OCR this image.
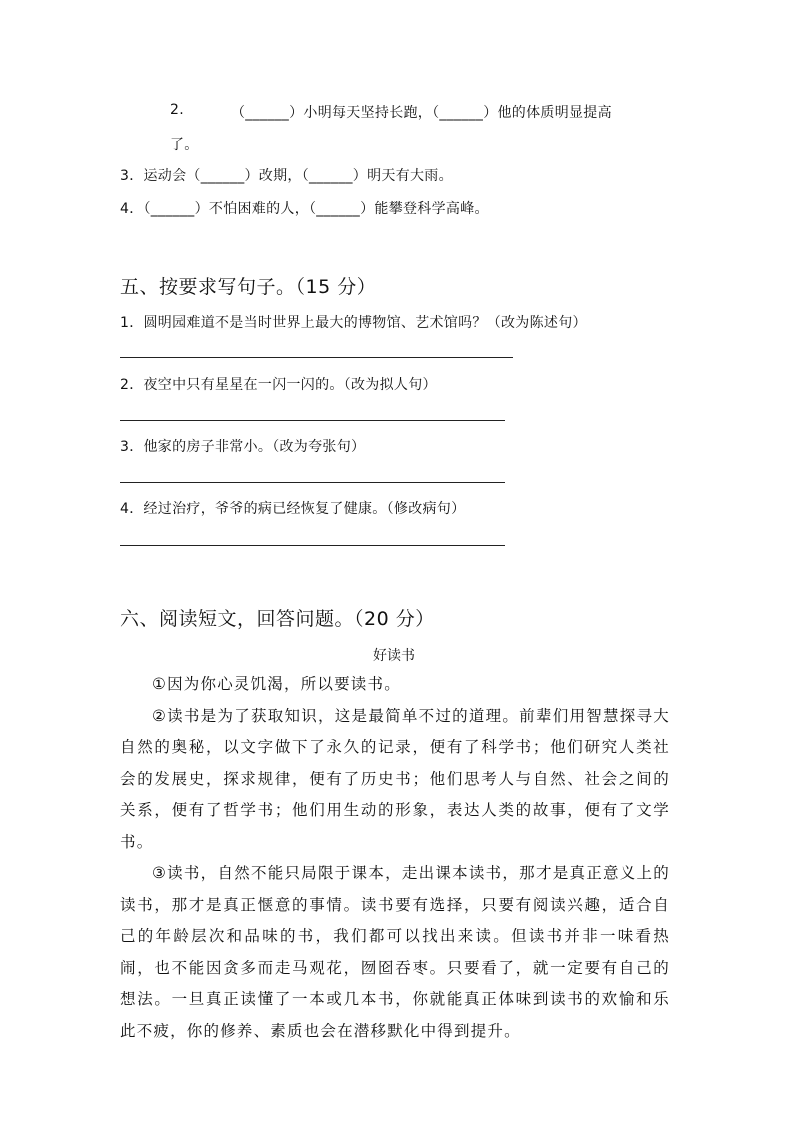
2.	（______）小明每天坚持长跑，（______）他的体质明显提高
了。
3．运动会（______）改期，（______）明天有大雨。
4．（______）不怕困难的人，（______）能攀登科学高峰。
五、按要求写句子。（15 分）
1．圆明园难道不是当时世界上最大的博物馆、艺术馆吗？（改为陈述句）
2．夜空中只有星星在一闪一闪的。（改为拟人句）
3．他家的房子非常小。（改为夸张句）
4．经过治疗，爷爷的病已经恢复了健康。（修改病句）
六、阅读短文，回答问题。（20 分）
好读书

①因为你心灵饥渴，所以要读书。

②读书是为了获取知识，这是最简单不过的道理。前辈们用智慧探寻大自然的奥秘，以文字做下了永久的记录，便有了科学书；他们研究人类社会的发展史，探求规律，便有了历史书；他们思考人与自然、社会之间的关系，便有了哲学书；他们用生动的形象，表达人类的故事，便有了文学书。

③读书，自然不能只局限于课本，走出课本读书，那才是真正意义上的读书，那才是真正惬意的事情。读书要有选择，只要有阅读兴趣，适合自己的年龄层次和品味的书，我们都可以找出来读。但读书并非一味看热闹，也不能因贪多而走马观花，囫囵吞枣。只要看了，就一定要有自己的想法。一旦真正读懂了一本或几本书，你就能真正体味到读书的欢愉和乐此不疲，你的修养、素质也会在潜移默化中得到提升。
